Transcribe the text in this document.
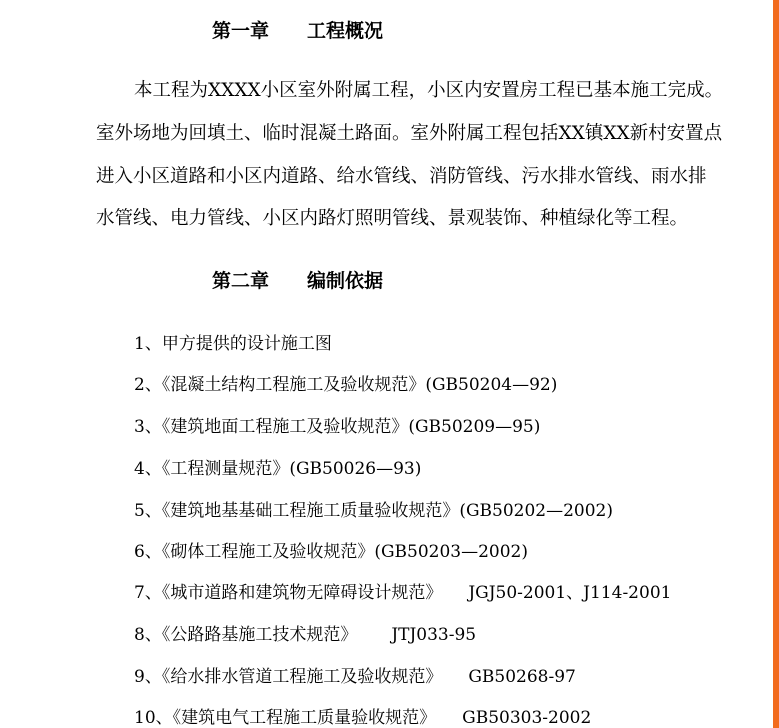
第一章 工程概况
本工程为XXXX小区室外附属工程，小区内安置房工程已基本施工完成。
室外场地为回填土、临时混凝土路面。室外附属工程包括XX镇XX新村安置点
进入小区道路和小区内道路、给水管线、消防管线、污水排水管线、雨水排
水管线、电力管线、小区内路灯照明管线、景观装饰、种植绿化等工程。
第二章 编制依据
1、甲方提供的设计施工图
2、《混凝土结构工程施工及验收规范》(GB50204—92)
3、《建筑地面工程施工及验收规范》(GB50209—95)
4、《工程测量规范》(GB50026—93)
5、《建筑地基基础工程施工质量验收规范》(GB50202—2002)
6、《砌体工程施工及验收规范》(GB50203—2002)
7、《城市道路和建筑物无障碍设计规范》 JGJ50-2001、J114-2001
8、《公路路基施工技术规范》 JTJ033-95
9、《给水排水管道工程施工及验收规范》 GB50268-97
10、《建筑电气工程施工质量验收规范》 GB50303-2002
